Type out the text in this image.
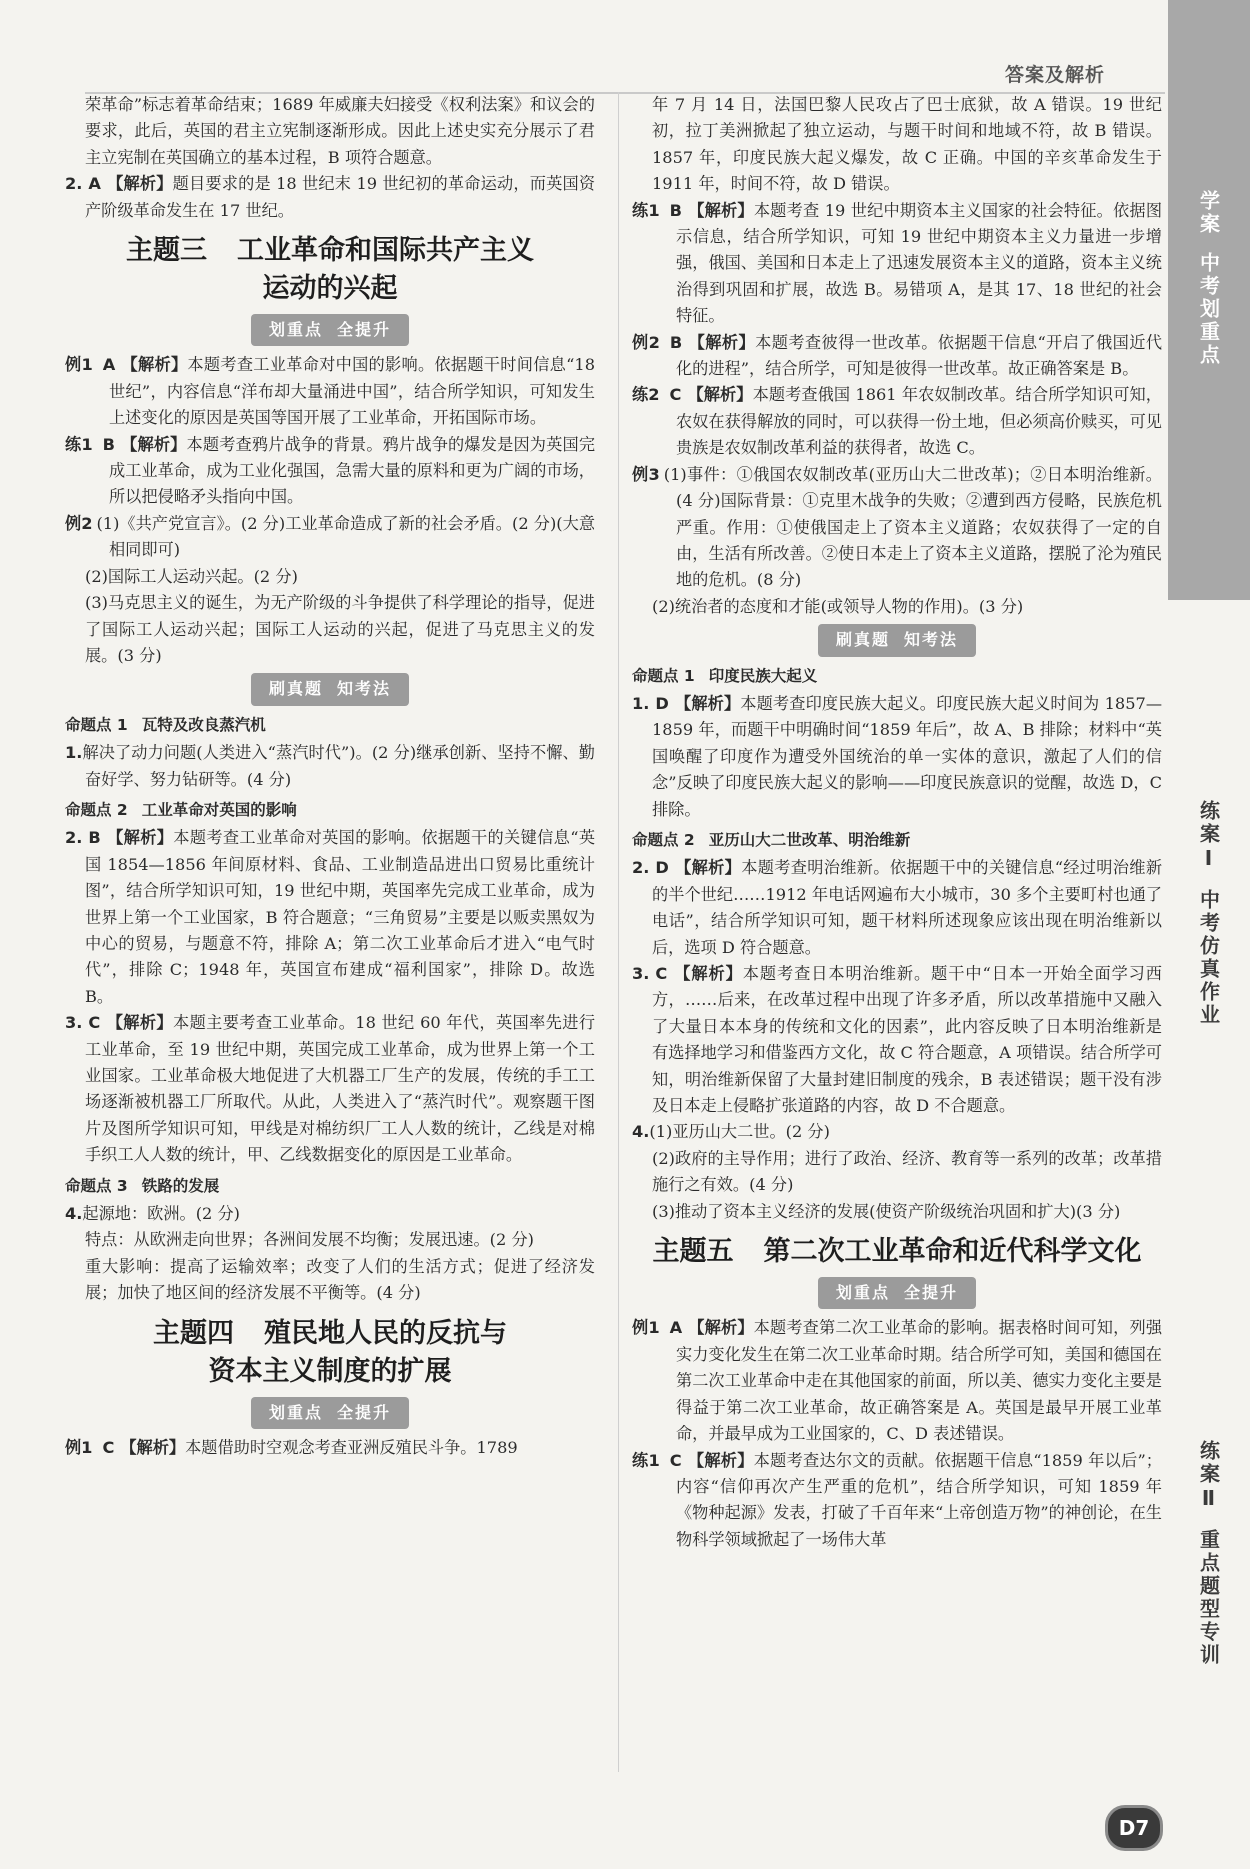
答案及解析

荣革命”标志着革命结束；1689 年威廉夫妇接受《权利法案》和议会的要求，此后，英国的君主立宪制逐渐形成。因此上述史实充分展示了君主立宪制在英国确立的基本过程，B 项符合题意。

2. A 【解析】题目要求的是 18 世纪末 19 世纪初的革命运动，而英国资产阶级革命发生在 17 世纪。

主题三 工业革命和国际共产主义
运动的兴起
划重点 全提升

例1 A 【解析】本题考查工业革命对中国的影响。依据题干时间信息“18 世纪”，内容信息“洋布却大量涌进中国”，结合所学知识，可知发生上述变化的原因是英国等国开展了工业革命，开拓国际市场。

练1 B 【解析】本题考查鸦片战争的背景。鸦片战争的爆发是因为英国完成工业革命，成为工业化强国，急需大量的原料和更为广阔的市场，所以把侵略矛头指向中国。

例2 (1)《共产党宣言》。(2 分)工业革命造成了新的社会矛盾。(2 分)(大意相同即可)

(2)国际工人运动兴起。(2 分)

(3)马克思主义的诞生，为无产阶级的斗争提供了科学理论的指导，促进了国际工人运动兴起；国际工人运动的兴起，促进了马克思主义的发展。(3 分)

刷真题 知考法
命题点 1 瓦特及改良蒸汽机

1.解决了动力问题(人类进入“蒸汽时代”)。(2 分)继承创新、坚持不懈、勤奋好学、努力钻研等。(4 分)

命题点 2 工业革命对英国的影响

2. B 【解析】本题考查工业革命对英国的影响。依据题干的关键信息“英国 1854—1856 年间原材料、食品、工业制造品进出口贸易比重统计图”，结合所学知识可知，19 世纪中期，英国率先完成工业革命，成为世界上第一个工业国家，B 符合题意；“三角贸易”主要是以贩卖黑奴为中心的贸易，与题意不符，排除 A；第二次工业革命后才进入“电气时代”，排除 C；1948 年，英国宣布建成“福利国家”，排除 D。故选 B。

3. C 【解析】本题主要考查工业革命。18 世纪 60 年代，英国率先进行工业革命，至 19 世纪中期，英国完成工业革命，成为世界上第一个工业国家。工业革命极大地促进了大机器工厂生产的发展，传统的手工工场逐渐被机器工厂所取代。从此，人类进入了“蒸汽时代”。观察题干图片及图所学知识可知，甲线是对棉纺织厂工人人数的统计，乙线是对棉手织工人人数的统计，甲、乙线数据变化的原因是工业革命。

命题点 3 铁路的发展

4.起源地：欧洲。(2 分)

特点：从欧洲走向世界；各洲间发展不均衡；发展迅速。(2 分)

重大影响：提高了运输效率；改变了人们的生活方式；促进了经济发展；加快了地区间的经济发展不平衡等。(4 分)

主题四 殖民地人民的反抗与
资本主义制度的扩展
划重点 全提升

例1 C 【解析】本题借助时空观念考查亚洲反殖民斗争。1789

年 7 月 14 日，法国巴黎人民攻占了巴士底狱，故 A 错误。19 世纪初，拉丁美洲掀起了独立运动，与题干时间和地域不符，故 B 错误。1857 年，印度民族大起义爆发，故 C 正确。中国的辛亥革命发生于 1911 年，时间不符，故 D 错误。

练1 B 【解析】本题考查 19 世纪中期资本主义国家的社会特征。依据图示信息，结合所学知识，可知 19 世纪中期资本主义力量进一步增强，俄国、美国和日本走上了迅速发展资本主义的道路，资本主义统治得到巩固和扩展，故选 B。易错项 A，是其 17、18 世纪的社会特征。

例2 B 【解析】本题考查彼得一世改革。依据题干信息“开启了俄国近代化的进程”，结合所学，可知是彼得一世改革。故正确答案是 B。

练2 C 【解析】本题考查俄国 1861 年农奴制改革。结合所学知识可知，农奴在获得解放的同时，可以获得一份土地，但必须高价赎买，可见贵族是农奴制改革利益的获得者，故选 C。

例3 (1)事件：①俄国农奴制改革(亚历山大二世改革)；②日本明治维新。(4 分)国际背景：①克里木战争的失败；②遭到西方侵略，民族危机严重。作用：①使俄国走上了资本主义道路；农奴获得了一定的自由，生活有所改善。②使日本走上了资本主义道路，摆脱了沦为殖民地的危机。(8 分)

(2)统治者的态度和才能(或领导人物的作用)。(3 分)

刷真题 知考法
命题点 1 印度民族大起义

1. D 【解析】本题考查印度民族大起义。印度民族大起义时间为 1857—1859 年，而题干中明确时间“1859 年后”，故 A、B 排除；材料中“英国唤醒了印度作为遭受外国统治的单一实体的意识，激起了人们的信念”反映了印度民族大起义的影响——印度民族意识的觉醒，故选 D，C 排除。

命题点 2 亚历山大二世改革、明治维新

2. D 【解析】本题考查明治维新。依据题干中的关键信息“经过明治维新的半个世纪……1912 年电话网遍布大小城市，30 多个主要町村也通了电话”，结合所学知识可知，题干材料所述现象应该出现在明治维新以后，选项 D 符合题意。

3. C 【解析】本题考查日本明治维新。题干中“日本一开始全面学习西方，……后来，在改革过程中出现了许多矛盾，所以改革措施中又融入了大量日本本身的传统和文化的因素”，此内容反映了日本明治维新是有选择地学习和借鉴西方文化，故 C 符合题意，A 项错误。结合所学可知，明治维新保留了大量封建旧制度的残余，B 表述错误；题干没有涉及日本走上侵略扩张道路的内容，故 D 不合题意。

4.(1)亚历山大二世。(2 分)

(2)政府的主导作用；进行了政治、经济、教育等一系列的改革；改革措施行之有效。(4 分)

(3)推动了资本主义经济的发展(使资产阶级统治巩固和扩大)(3 分)

主题五 第二次工业革命和近代科学文化
划重点 全提升

例1 A 【解析】本题考查第二次工业革命的影响。据表格时间可知，列强实力变化发生在第二次工业革命时期。结合所学可知，美国和德国在第二次工业革命中走在其他国家的前面，所以美、德实力变化主要是得益于第二次工业革命，故正确答案是 A。英国是最早开展工业革命，并最早成为工业国家的，C、D 表述错误。

练1 C 【解析】本题考查达尔文的贡献。依据题干信息“1859 年以后”；内容“信仰再次产生严重的危机”，结合所学知识，可知 1859 年《物种起源》发表，打破了千百年来“上帝创造万物”的神创论，在生物科学领域掀起了一场伟大革

学案
中考划重点
练案Ⅰ
中考仿真作业
练案Ⅱ
重点题型专训
D7
